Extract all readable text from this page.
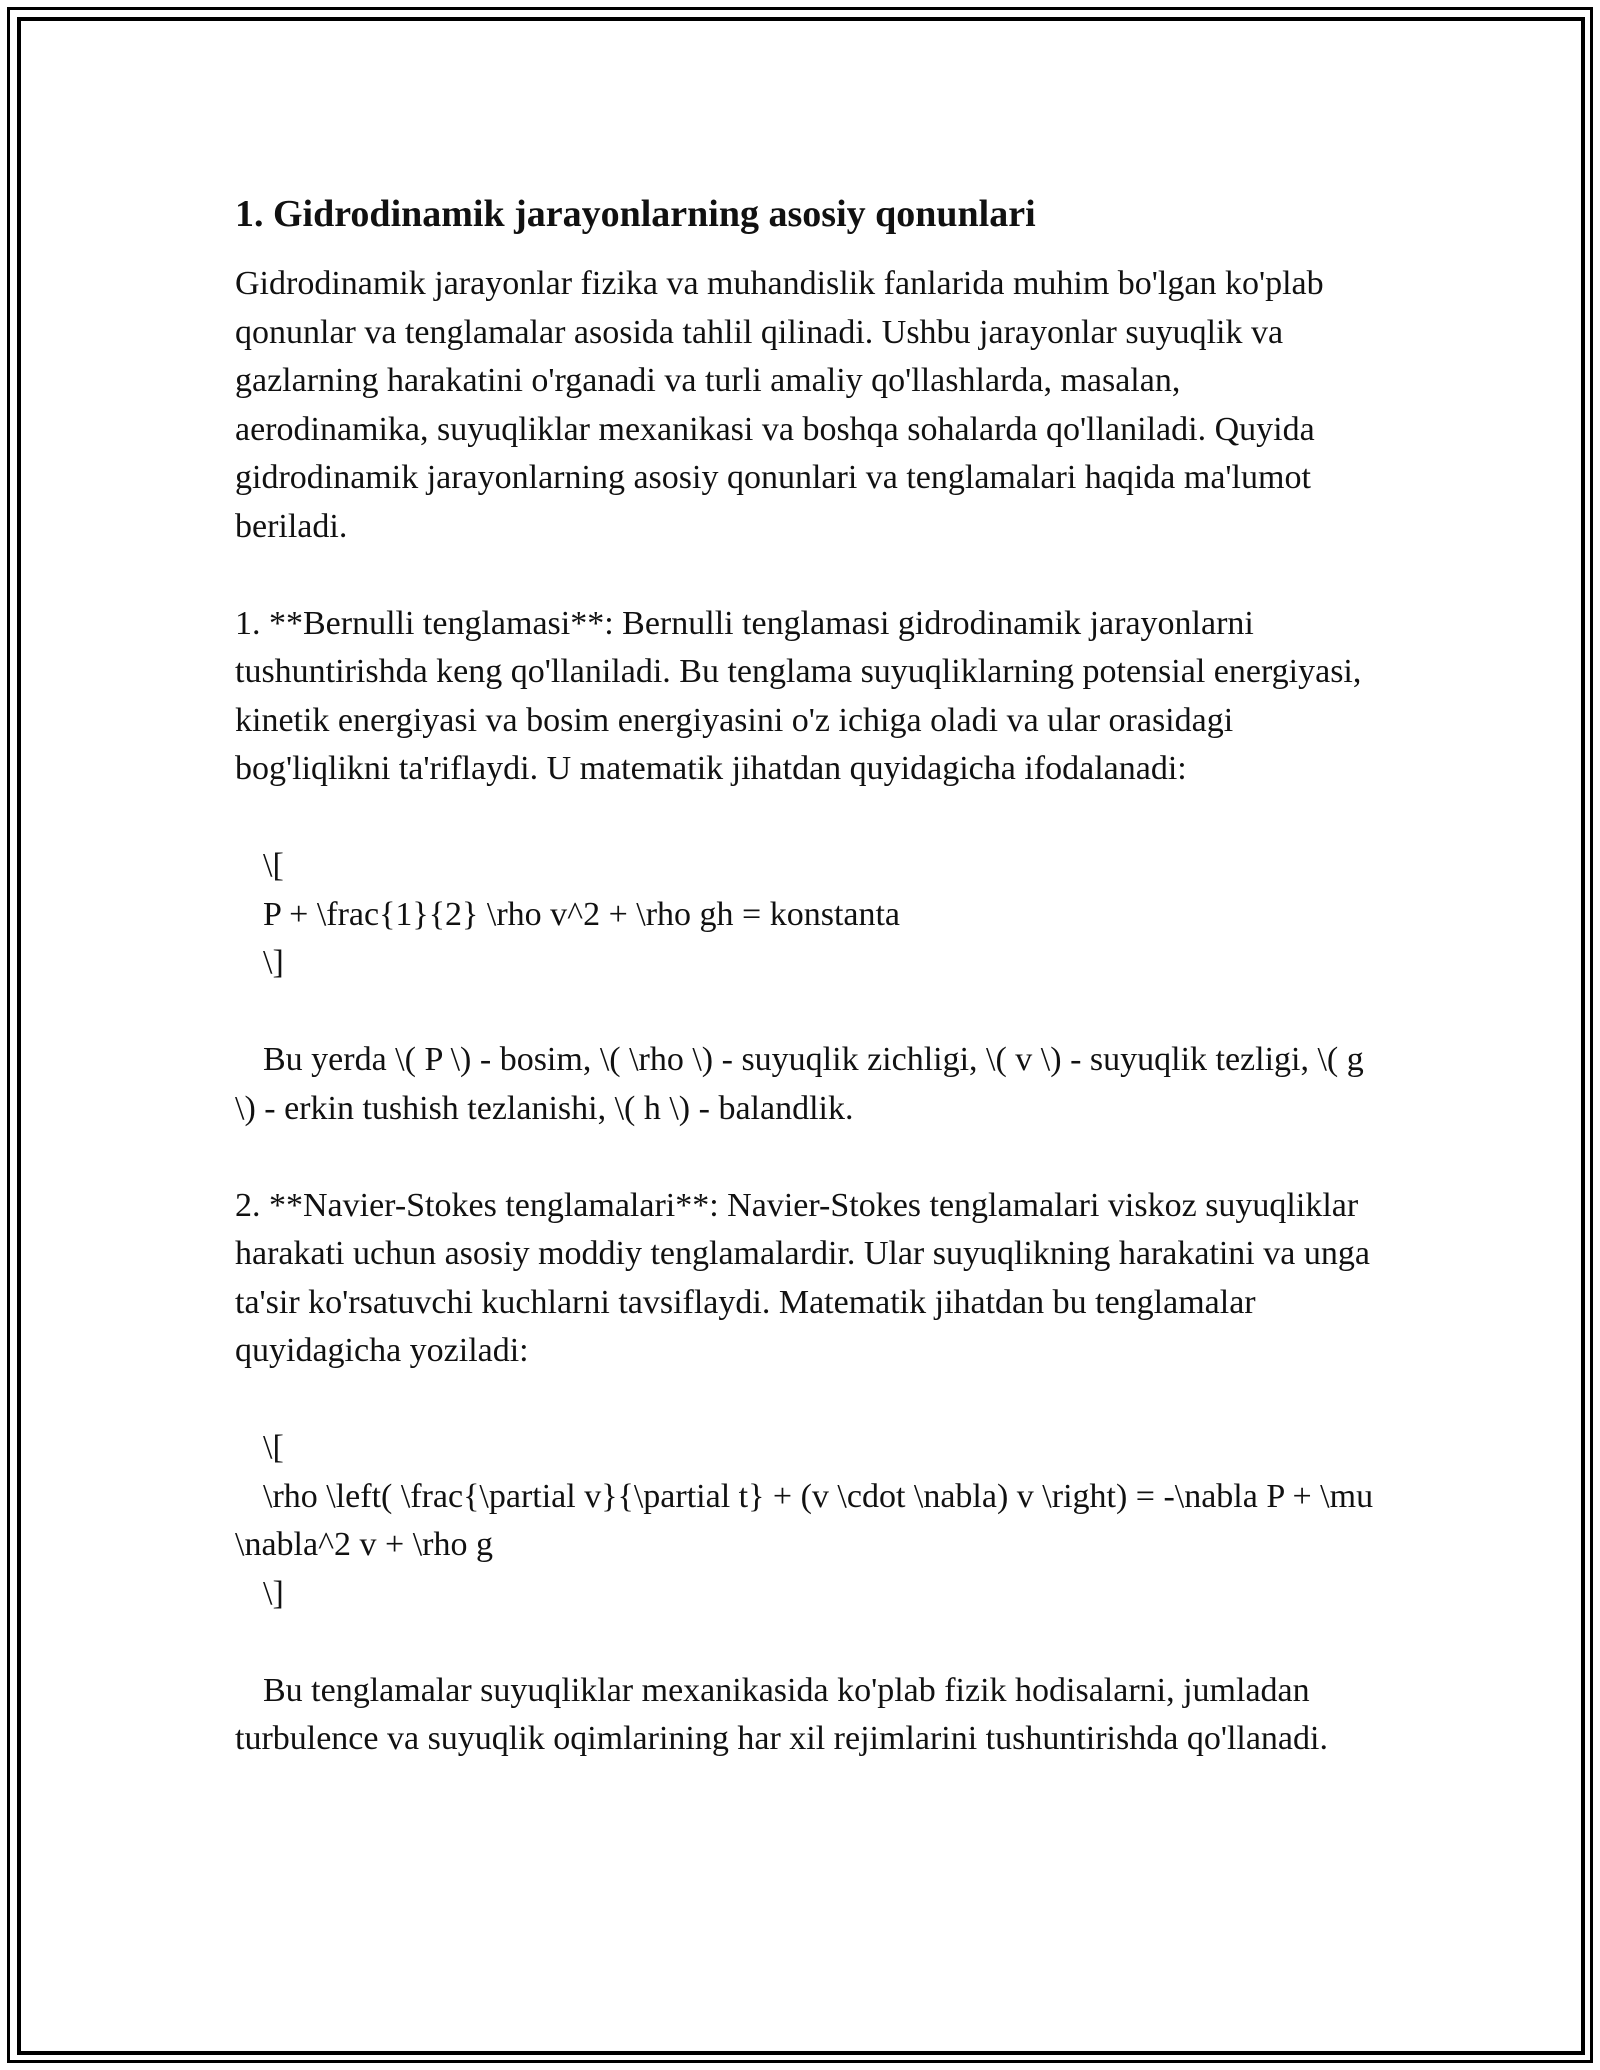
1. Gidrodinamik jarayonlarning asosiy qonunlari

Gidrodinamik jarayonlar fizika va muhandislik fanlarida muhim bo'lgan ko'plab qonunlar va tenglamalar asosida tahlil qilinadi. Ushbu jarayonlar suyuqlik va gazlarning harakatini o'rganadi va turli amaliy qo'llashlarda, masalan, aerodinamika, suyuqliklar mexanikasi va boshqa sohalarda qo'llaniladi. Quyida gidrodinamik jarayonlarning asosiy qonunlari va tenglamalari haqida ma'lumot beriladi.

1. **Bernulli tenglamasi**: Bernulli tenglamasi gidrodinamik jarayonlarni tushuntirishda keng qo'llaniladi. Bu tenglama suyuqliklarning potensial energiyasi, kinetik energiyasi va bosim energiyasini o'z ichiga oladi va ular orasidagi bog'liqlikni ta'riflaydi. U matematik jihatdan quyidagicha ifodalanadi:

\[

P + \frac{1}{2} \rho v^2 + \rho gh = konstanta

\]

Bu yerda \( P \) - bosim, \( \rho \) - suyuqlik zichligi, \( v \) - suyuqlik tezligi, \( g \) - erkin tushish tezlanishi, \( h \) - balandlik.

2. **Navier-Stokes tenglamalari**: Navier-Stokes tenglamalari viskoz suyuqliklar harakati uchun asosiy moddiy tenglamalardir. Ular suyuqlikning harakatini va unga ta'sir ko'rsatuvchi kuchlarni tavsiflaydi. Matematik jihatdan bu tenglamalar quyidagicha yoziladi:

\[

\rho \left( \frac{\partial v}{\partial t} + (v \cdot \nabla) v \right) = -\nabla P + \mu \nabla^2 v + \rho g

\]

Bu tenglamalar suyuqliklar mexanikasida ko'plab fizik hodisalarni, jumladan turbulence va suyuqlik oqimlarining har xil rejimlarini tushuntirishda qo'llanadi.
